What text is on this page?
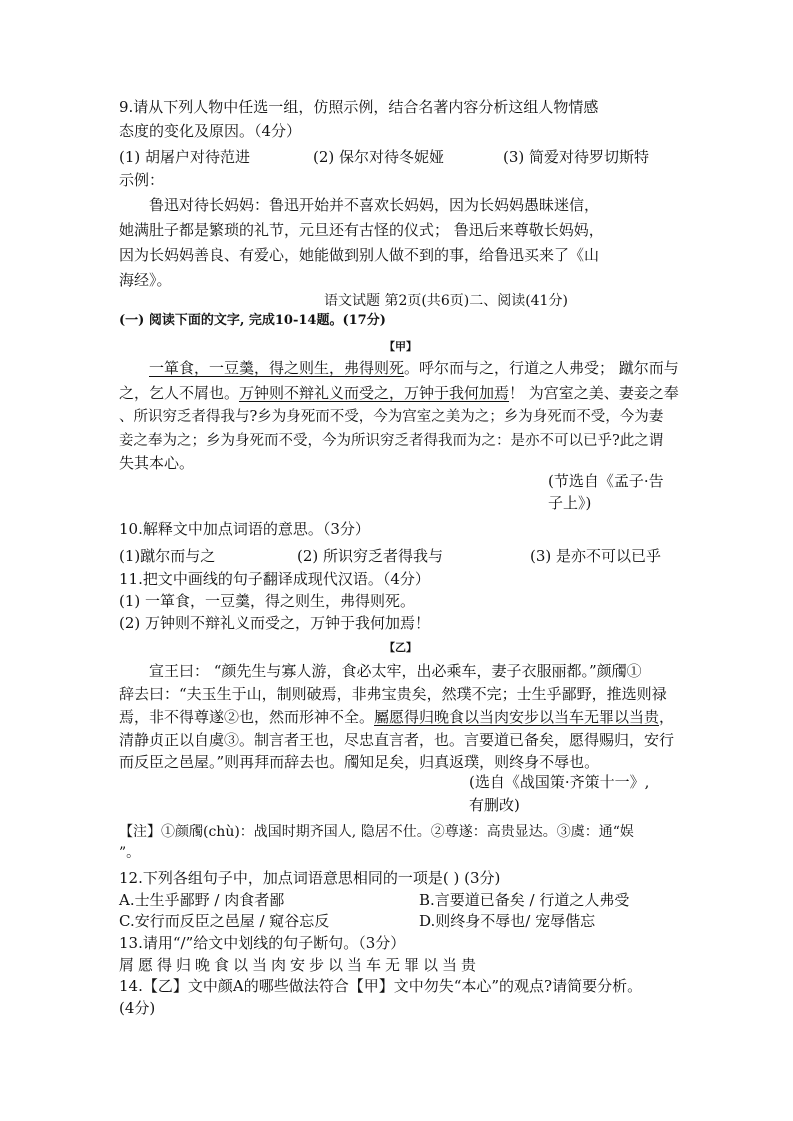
9.请从下列人物中任选一组，仿照示例，结合名著内容分析这组人物情感
态度的变化及原因。（4分）
(1) 胡屠户对待范进	(2) 保尔对待冬妮娅	(3) 简爱对待罗切斯特
示例：
鲁迅对待长妈妈：鲁迅开始并不喜欢长妈妈，因为长妈妈愚昧迷信，
她满肚子都是繁琐的礼节，元旦还有古怪的仪式； 鲁迅后来尊敬长妈妈，
因为长妈妈善良、有爱心，她能做到别人做不到的事，给鲁迅买来了《山
海经》。
语文试题 第2页(共6页)二、阅读(41分)
(一) 阅读下面的文字, 完成10-14题。(17分)
【甲】
一箪食，一豆羹，得之则生，弗得则死。呼尔而与之，行道之人弗受； 蹴尔而与
之，乞人不屑也。万钟则不辩礼义而受之，万钟于我何加焉！ 为宫室之美、妻妾之奉
、所识穷乏者得我与?乡为身死而不受，今为宫室之美为之；乡为身死而不受，今为妻
妾之奉为之；乡为身死而不受，今为所识穷乏者得我而为之：是亦不可以已乎?此之谓
失其本心。
(节选自《孟子·告
子上》)
10.解释文中加点词语的意思。（3分）
(1)蹴尔而与之	(2) 所识穷乏者得我与	(3) 是亦不可以已乎
11.把文中画线的句子翻译成现代汉语。（4分）
(1) 一箪食，一豆羹，得之则生，弗得则死。
(2) 万钟则不辩礼义而受之，万钟于我何加焉！
【乙】
宣王曰： “颜先生与寡人游，食必太牢，出必乘车，妻子衣服丽都。”颜斶①
辞去曰：“夫玉生于山，制则破焉，非弗宝贵矣，然璞不完；士生乎鄙野，推选则禄
焉，非不得尊遂②也，然而形神不全。屬愿得归晚食以当肉安步以当车无罪以当贵，
清静贞正以自虞③。制言者王也，尽忠直言者，也。言要道已备矣，愿得赐归，安行
而反臣之邑屋。”则再拜而辞去也。斶知足矣，归真返璞，则终身不辱也。
(选自《战国策·齐策十一》,
有删改)
【注】①颜斶(chù)：战国时期齐国人, 隐居不仕。②尊遂：高贵显达。③虞：通“娱
”。
12.下列各组句子中，加点词语意思相同的一项是( ) (3分)
A.士生乎鄙野 / 肉食者鄙	B.言要道已备矣 / 行道之人弗受
C.安行而反臣之邑屋 / 窥谷忘反	D.则终身不辱也/ 宠辱偕忘
13.请用“/”给文中划线的句子断句。（3分）
屑愿得归晚食以当肉安步以当车无罪以当贵
14.【乙】文中颜A的哪些做法符合【甲】文中勿失“本心”的观点?请简要分析。
(4分)
